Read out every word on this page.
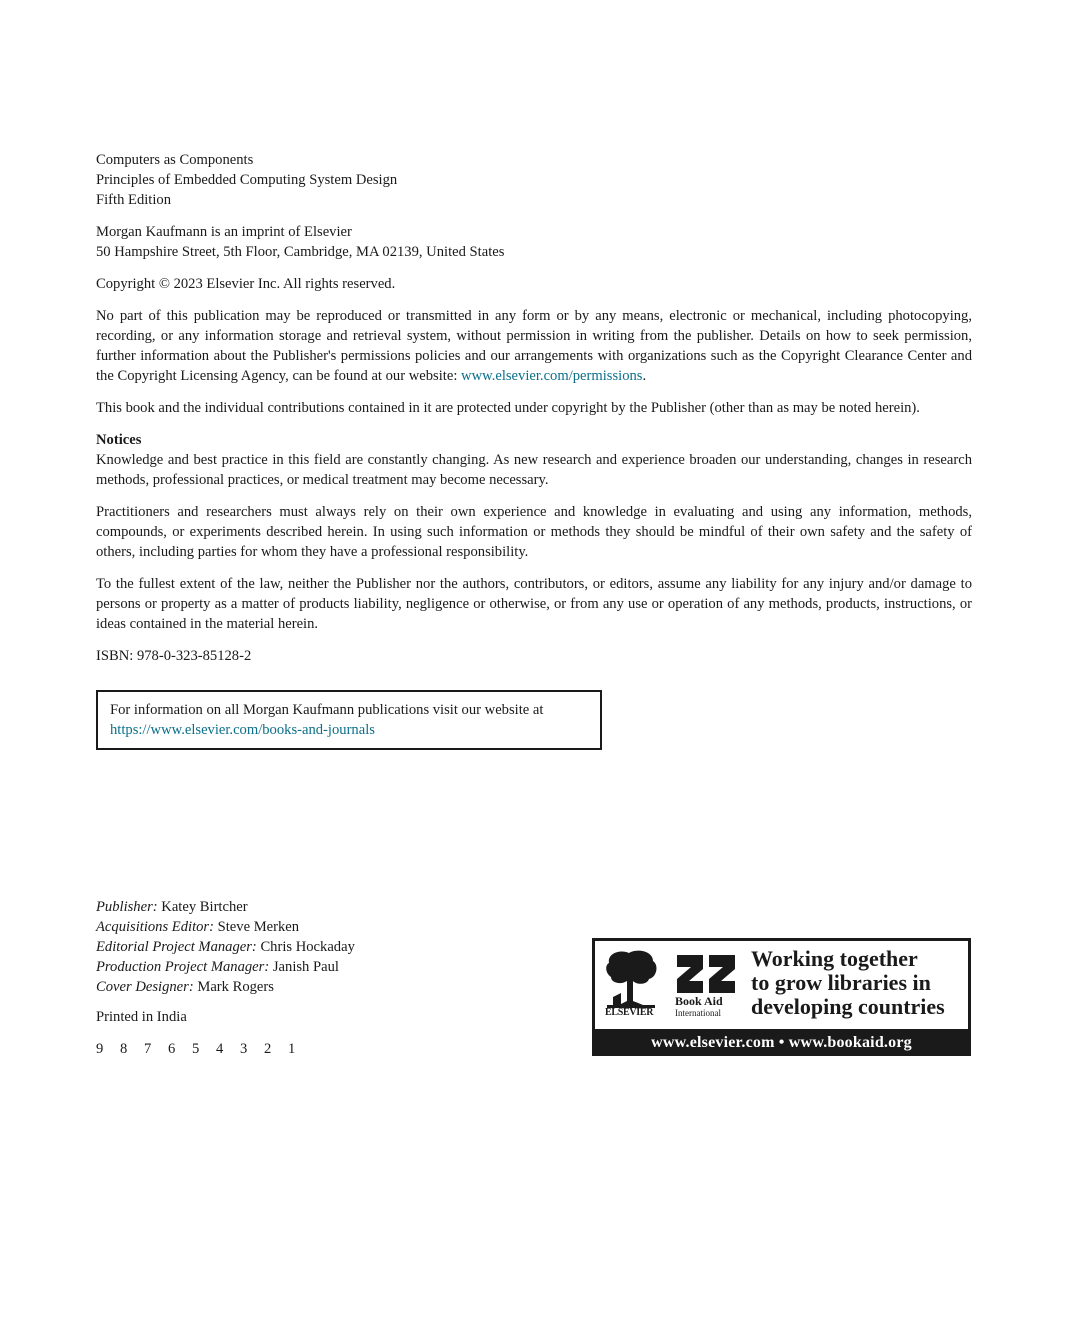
Computers as Components
Principles of Embedded Computing System Design
Fifth Edition

Morgan Kaufmann is an imprint of Elsevier
50 Hampshire Street, 5th Floor, Cambridge, MA 02139, United States

Copyright © 2023 Elsevier Inc. All rights reserved.

No part of this publication may be reproduced or transmitted in any form or by any means, electronic or mechanical, including photocopying, recording, or any information storage and retrieval system, without permission in writing from the publisher. Details on how to seek permission, further information about the Publisher's permissions policies and our arrangements with organizations such as the Copyright Clearance Center and the Copyright Licensing Agency, can be found at our website: www.elsevier.com/permissions.

This book and the individual contributions contained in it are protected under copyright by the Publisher (other than as may be noted herein).

Notices

Knowledge and best practice in this field are constantly changing. As new research and experience broaden our understanding, changes in research methods, professional practices, or medical treatment may become necessary.

Practitioners and researchers must always rely on their own experience and knowledge in evaluating and using any information, methods, compounds, or experiments described herein. In using such information or methods they should be mindful of their own safety and the safety of others, including parties for whom they have a professional responsibility.

To the fullest extent of the law, neither the Publisher nor the authors, contributors, or editors, assume any liability for any injury and/or damage to persons or property as a matter of products liability, negligence or otherwise, or from any use or operation of any methods, products, instructions, or ideas contained in the material herein.

ISBN: 978-0-323-85128-2

For information on all Morgan Kaufmann publications visit our website at
https://www.elsevier.com/books-and-journals
Publisher: Katey Birtcher
Acquisitions Editor: Steve Merken
Editorial Project Manager: Chris Hockaday
Production Project Manager: Janish Paul
Cover Designer: Mark Rogers
Printed in India
9	8	7	6	5	4	3	2	1
ELSEVIER
Book Aid
International
Working together
to grow libraries in
developing countries
www.elsevier.com • www.bookaid.org
